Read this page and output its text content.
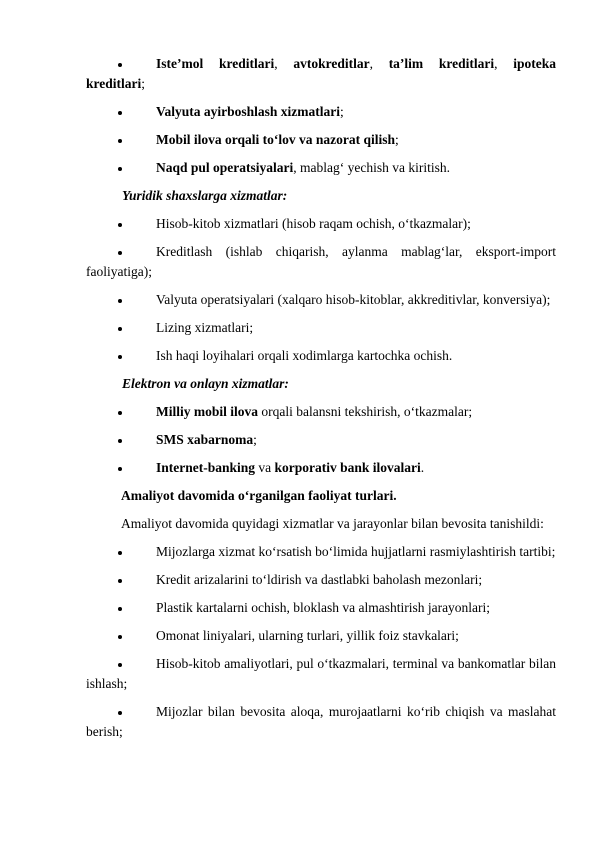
Iste’mol kreditlari, avtokreditlar, ta’lim kreditlari, ipoteka kreditlari;
Valyuta ayirboshlash xizmatlari;
Mobil ilova orqali to‘lov va nazorat qilish;
Naqd pul operatsiyalari, mablag‘ yechish va kiritish.
Yuridik shaxslarga xizmatlar:
Hisob-kitob xizmatlari (hisob raqam ochish, o‘tkazmalar);
Kreditlash (ishlab chiqarish, aylanma mablag‘lar, eksport-import faoliyatiga);
Valyuta operatsiyalari (xalqaro hisob-kitoblar, akkreditivlar, konversiya);
Lizing xizmatlari;
Ish haqi loyihalari orqali xodimlarga kartochka ochish.
Elektron va onlayn xizmatlar:
Milliy mobil ilova orqali balansni tekshirish, o‘tkazmalar;
SMS xabarnoma;
Internet-banking va korporativ bank ilovalari.
Amaliyot davomida o‘rganilgan faoliyat turlari.
Amaliyot davomida quyidagi xizmatlar va jarayonlar bilan bevosita tanishildi:
Mijozlarga xizmat ko‘rsatish bo‘limida hujjatlarni rasmiylashtirish tartibi;
Kredit arizalarini to‘ldirish va dastlabki baholash mezonlari;
Plastik kartalarni ochish, bloklash va almashtirish jarayonlari;
Omonat liniyalari, ularning turlari, yillik foiz stavkalari;
Hisob-kitob amaliyotlari, pul o‘tkazmalari, terminal va bankomatlar bilan ishlash;
Mijozlar bilan bevosita aloqa, murojaatlarni ko‘rib chiqish va maslahat berish;
